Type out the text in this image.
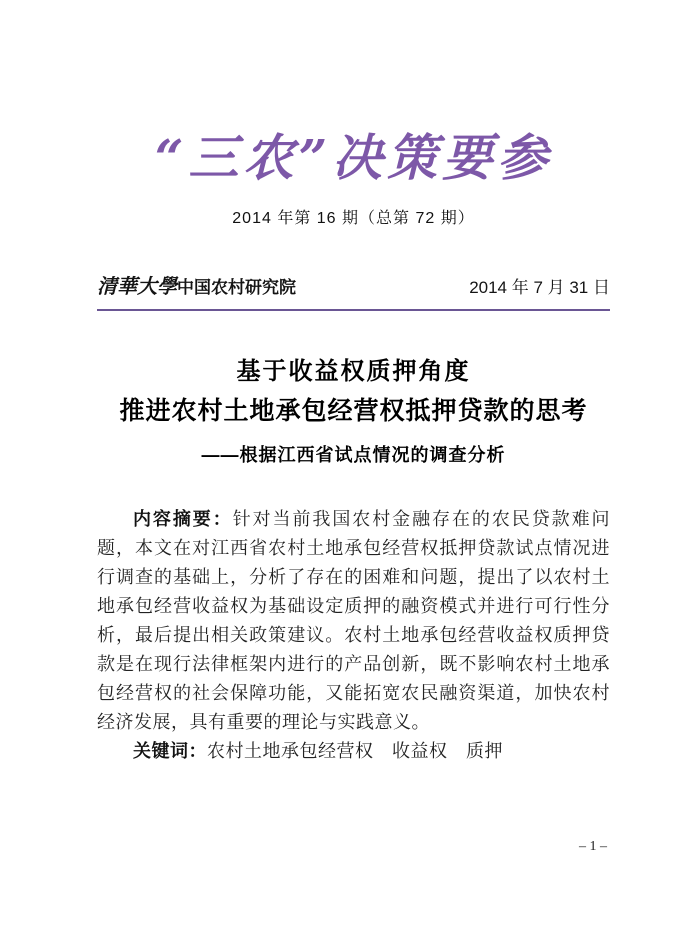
“三农”决策要参
2014 年第 16 期（总第 72 期）
清華大學中国农村研究院	2014 年 7 月 31 日
基于收益权质押角度
推进农村土地承包经营权抵押贷款的思考
——根据江西省试点情况的调查分析

内容摘要：针对当前我国农村金融存在的农民贷款难问题，本文在对江西省农村土地承包经营权抵押贷款试点情况进行调查的基础上，分析了存在的困难和问题，提出了以农村土地承包经营收益权为基础设定质押的融资模式并进行可行性分析，最后提出相关政策建议。农村土地承包经营收益权质押贷款是在现行法律框架内进行的产品创新，既不影响农村土地承包经营权的社会保障功能，又能拓宽农民融资渠道，加快农村经济发展，具有重要的理论与实践意义。

关键词：农村土地承包经营权　收益权　质押

– 1 –
